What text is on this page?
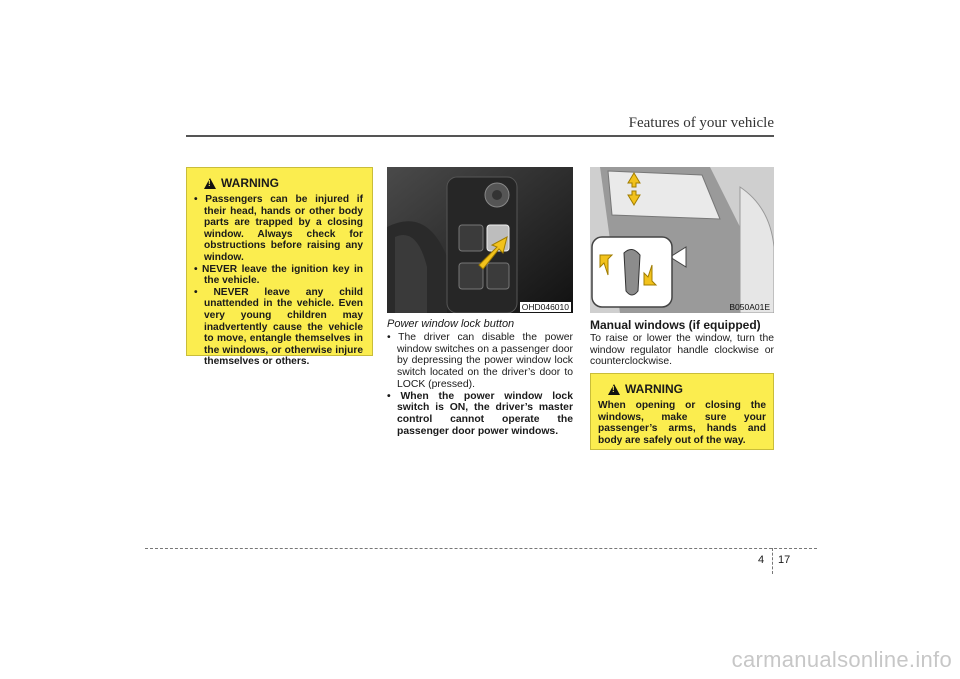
Features of your vehicle
!
WARNING
• Passengers can be injured if their head, hands or other body parts are trapped by a closing window. Always check for obstructions before raising any window.
• NEVER leave the ignition key in the vehicle.
• NEVER leave any child unattended in the vehicle. Even very young children may inadvertently cause the vehicle to move, entangle themselves in the windows, or otherwise injure themselves or others.
OHD046010	B050A01E
Power window lock button
• The driver can disable the power window switches on a passenger door by depressing the power window lock switch located on the driver’s door to LOCK (pressed).
• When the power window lock switch is ON, the driver’s master control cannot operate the passenger door power windows.
Manual windows (if equipped)
To raise or lower the window, turn the window regulator handle clockwise or counterclockwise.
!
WARNING

When opening or closing the windows, make sure your passenger’s arms, hands and body are safely out of the way.

4 17
carmanualsonline.info
